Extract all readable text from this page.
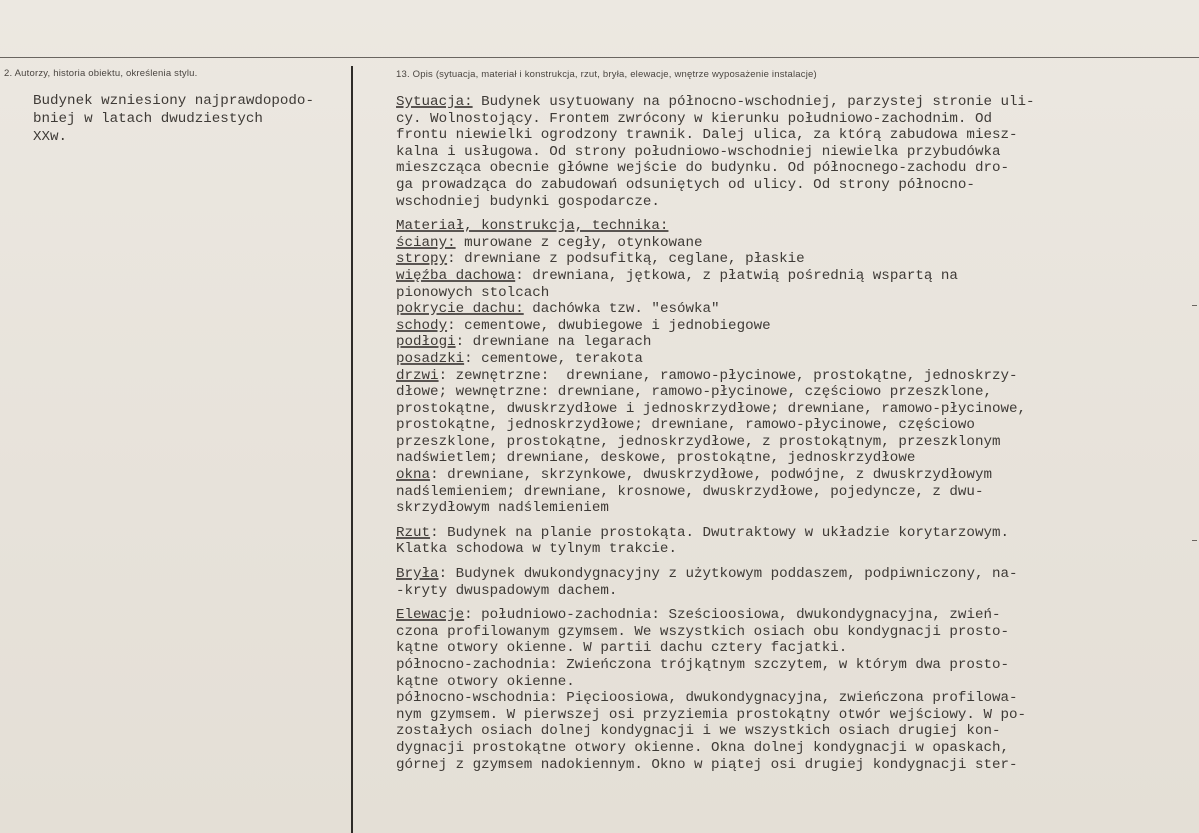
2. Autorzy, historia obiektu, określenia stylu.	13. Opis (sytuacja, materiał i konstrukcja, rzut, bryła, elewacje, wnętrze wyposażenie instalacje)
Budynek wzniesiony najprawdopodo-
bniej w latach dwudziestych
XXw.
Sytuacja: Budynek usytuowany na północno-wschodniej, parzystej stronie uli-
cy. Wolnostojący. Frontem zwrócony w kierunku południowo-zachodnim. Od
frontu niewielki ogrodzony trawnik. Dalej ulica, za którą zabudowa miesz-
kalna i usługowa. Od strony południowo-wschodniej niewielka przybudówka
mieszcząca obecnie główne wejście do budynku. Od północnego-zachodu dro-
ga prowadząca do zabudowań odsuniętych od ulicy. Od strony północno-
wschodniej budynki gospodarcze.
Materiał, konstrukcja, technika:
ściany: murowane z cegły, otynkowane
stropy: drewniane z podsufitką, ceglane, płaskie
więźba dachowa: drewniana, jętkowa, z płatwią pośrednią wspartą na
pionowych stolcach
pokrycie dachu: dachówka tzw. "esówka"
schody: cementowe, dwubiegowe i jednobiegowe
podłogi: drewniane na legarach
posadzki: cementowe, terakota
drzwi: zewnętrzne:  drewniane, ramowo-płycinowe, prostokątne, jednoskrzy-
dłowe; wewnętrzne: drewniane, ramowo-płycinowe, częściowo przeszklone,
prostokątne, dwuskrzydłowe i jednoskrzydłowe; drewniane, ramowo-płycinowe,
prostokątne, jednoskrzydłowe; drewniane, ramowo-płycinowe, częściowo
przeszklone, prostokątne, jednoskrzydłowe, z prostokątnym, przeszklonym
nadświetlem; drewniane, deskowe, prostokątne, jednoskrzydłowe
okna: drewniane, skrzynkowe, dwuskrzydłowe, podwójne, z dwuskrzydłowym
nadślemieniem; drewniane, krosnowe, dwuskrzydłowe, pojedyncze, z dwu-
skrzydłowym nadślemieniem
Rzut: Budynek na planie prostokąta. Dwutraktowy w układzie korytarzowym.
Klatka schodowa w tylnym trakcie.
Bryła: Budynek dwukondygnacyjny z użytkowym poddaszem, podpiwniczony, na-
-kryty dwuspadowym dachem.
Elewacje: południowo-zachodnia: Sześcioosiowa, dwukondygnacyjna, zwień-
czona profilowanym gzymsem. We wszystkich osiach obu kondygnacji prosto-
kątne otwory okienne. W partii dachu cztery facjatki.
północno-zachodnia: Zwieńczona trójkątnym szczytem, w którym dwa prosto-
kątne otwory okienne.
północno-wschodnia: Pięcioosiowa, dwukondygnacyjna, zwieńczona profilowa-
nym gzymsem. W pierwszej osi przyziemia prostokątny otwór wejściowy. W po-
zostałych osiach dolnej kondygnacji i we wszystkich osiach drugiej kon-
dygnacji prostokątne otwory okienne. Okna dolnej kondygnacji w opaskach,
górnej z gzymsem nadokiennym. Okno w piątej osi drugiej kondygnacji ster-
